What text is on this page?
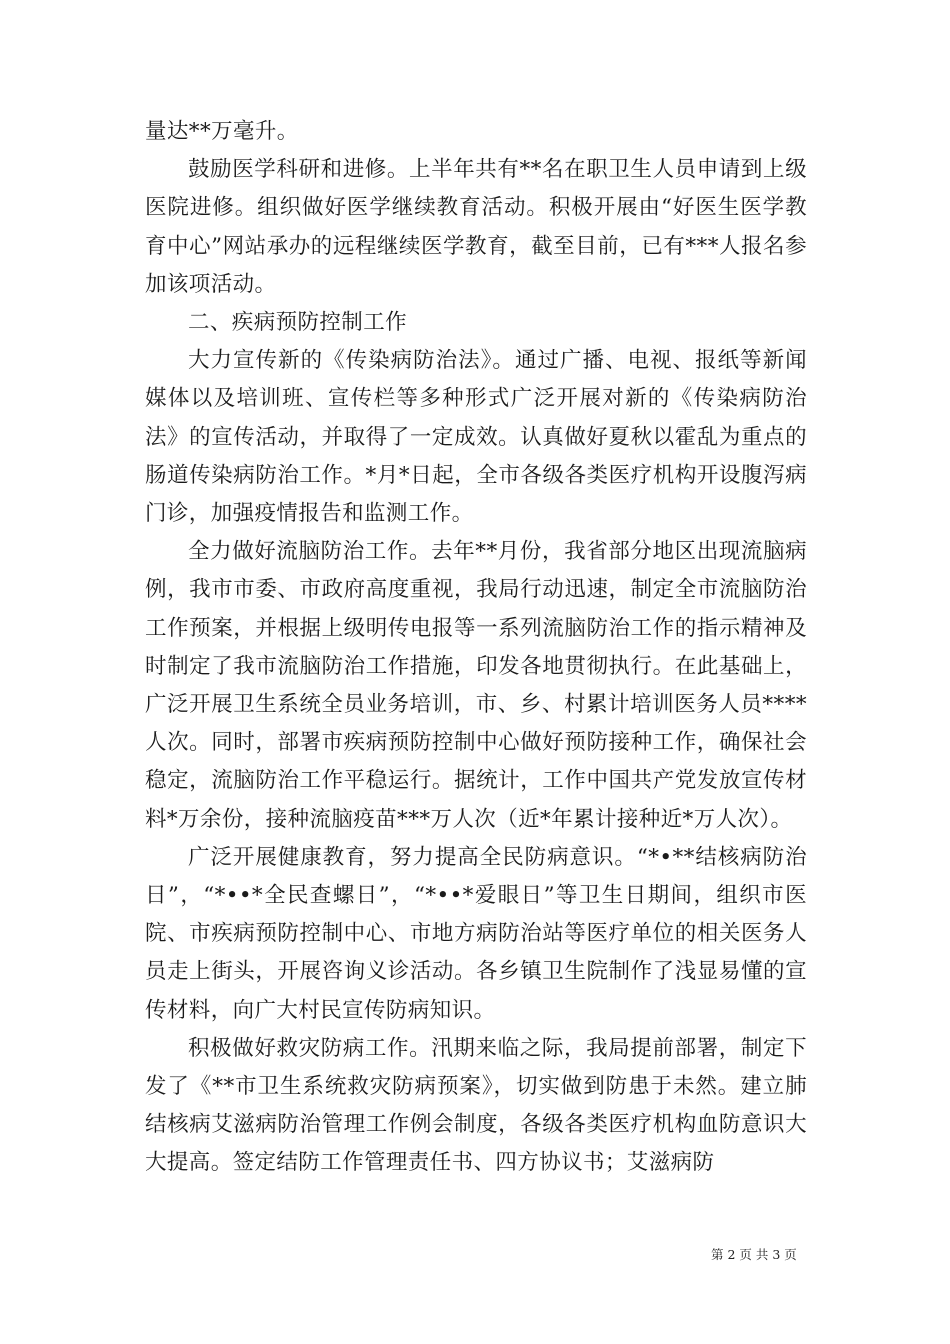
量达**万毫升。

鼓励医学科研和进修。上半年共有**名在职卫生人员申请到上级医院进修。组织做好医学继续教育活动。积极开展由“好医生医学教育中心”网站承办的远程继续医学教育，截至目前，已有***人报名参加该项活动。

二、疾病预防控制工作

大力宣传新的《传染病防治法》。通过广播、电视、报纸等新闻媒体以及培训班、宣传栏等多种形式广泛开展对新的《传染病防治法》的宣传活动，并取得了一定成效。认真做好夏秋以霍乱为重点的肠道传染病防治工作。*月*日起，全市各级各类医疗机构开设腹泻病门诊，加强疫情报告和监测工作。

全力做好流脑防治工作。去年**月份，我省部分地区出现流脑病例，我市市委、市政府高度重视，我局行动迅速，制定全市流脑防治工作预案，并根据上级明传电报等一系列流脑防治工作的指示精神及时制定了我市流脑防治工作措施，印发各地贯彻执行。在此基础上，广泛开展卫生系统全员业务培训，市、乡、村累计培训医务人员****人次。同时，部署市疾病预防控制中心做好预防接种工作，确保社会稳定，流脑防治工作平稳运行。据统计，工作中国共产党发放宣传材料*万余份，接种流脑疫苗***万人次（近*年累计接种近*万人次）。

广泛开展健康教育，努力提高全民防病意识。“*•**结核病防治日”，“*••*全民查螺日”，“*••*爱眼日”等卫生日期间，组织市医院、市疾病预防控制中心、市地方病防治站等医疗单位的相关医务人员走上街头，开展咨询义诊活动。各乡镇卫生院制作了浅显易懂的宣传材料，向广大村民宣传防病知识。

积极做好救灾防病工作。汛期来临之际，我局提前部署，制定下发了《**市卫生系统救灾防病预案》，切实做到防患于未然。建立肺结核病艾滋病防治管理工作例会制度，各级各类医疗机构血防意识大大提高。签定结防工作管理责任书、四方协议书；艾滋病防

第 2 页 共 3 页
